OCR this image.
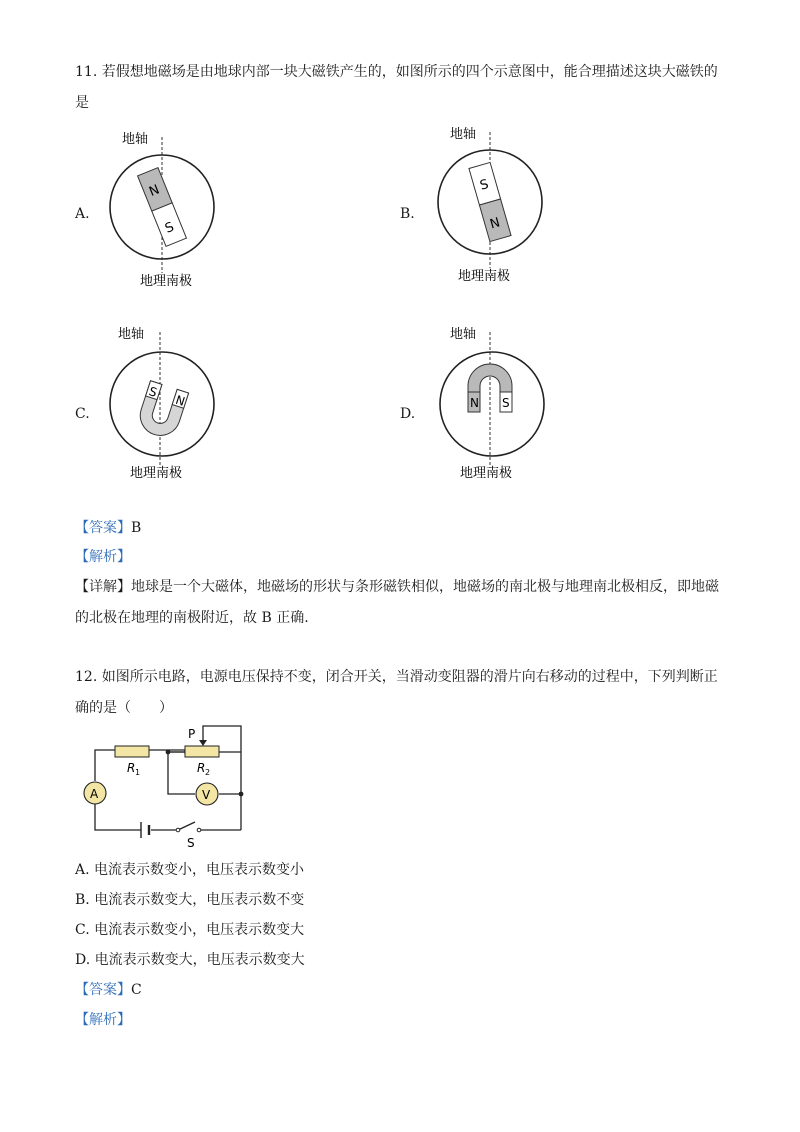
11. 若假想地磁场是由地球内部一块大磁铁产生的，如图所示的四个示意图中，能合理描述这块大磁铁的
是
A.
地轴
N
S
地理南极
B.
地轴
S
N
地理南极
C.
地轴
S
N
地理南极
D.
地轴
N S
地理南极
【答案】B
【解析】
【详解】地球是一个大磁体，地磁场的形状与条形磁铁相似，地磁场的南北极与地理南北极相反，即地磁
的北极在地理的南极附近，故 B 正确.
12. 如图所示电路，电源电压保持不变，闭合开关，当滑动变阻器的滑片向右移动的过程中，下列判断正
确的是（　　）
A	V
P
R 1	R 2
S
A. 电流表示数变小，电压表示数变小
B. 电流表示数变大，电压表示数不变
C. 电流表示数变小，电压表示数变大
D. 电流表示数变大，电压表示数变大
【答案】C
【解析】
